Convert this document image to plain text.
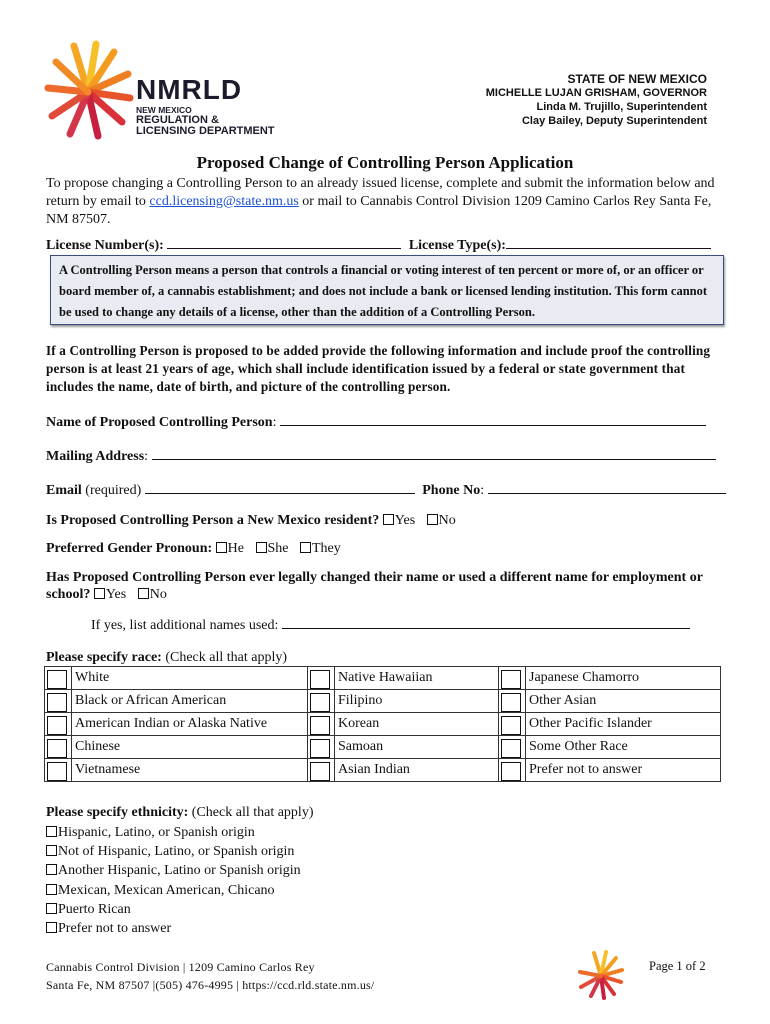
NMRLD
NEW MEXICO
REGULATION &
LICENSING DEPARTMENT
STATE OF NEW MEXICO
MICHELLE LUJAN GRISHAM, GOVERNOR
Linda M. Trujillo, Superintendent
Clay Bailey, Deputy Superintendent
Proposed Change of Controlling Person Application
To propose changing a Controlling Person to an already issued license, complete and submit the information below and return by email to ccd.licensing@state.nm.us or mail to Cannabis Control Division 1209 Camino Carlos Rey Santa Fe, NM 87507.
License Number(s):	License Type(s):
A Controlling Person means a person that controls a financial or voting interest of ten percent or more of, or an officer or board member of, a cannabis establishment; and does not include a bank or licensed lending institution. This form cannot be used to change any details of a license, other than the addition of a Controlling Person.
If a Controlling Person is proposed to be added provide the following information and include proof the controlling person is at least 21 years of age, which shall include identification issued by a federal or state government that includes the name, date of birth, and picture of the controlling person.
Name of Proposed Controlling Person:
Mailing Address:
Email (required)	Phone No:
Is Proposed Controlling Person a New Mexico resident? Yes No
Preferred Gender Pronoun: He She They
Has Proposed Controlling Person ever legally changed their name or used a different name for employment or school? Yes No
If yes, list additional names used:
Please specify race: (Check all that apply)
	White		Native Hawaiian		Japanese Chamorro

	Black or African American		Filipino		Other Asian

	American Indian or Alaska Native		Korean		Other Pacific Islander

	Chinese		Samoan		Some Other Race

	Vietnamese		Asian Indian		Prefer not to answer
Please specify ethnicity: (Check all that apply)
Hispanic, Latino, or Spanish origin
Not of Hispanic, Latino, or Spanish origin
Another Hispanic, Latino or Spanish origin
Mexican, Mexican American, Chicano
Puerto Rican
Prefer not to answer
Cannabis Control Division | 1209 Camino Carlos Rey
Santa Fe, NM 87507 |(505) 476-4995 | https://ccd.rld.state.nm.us/
Page 1 of 2
